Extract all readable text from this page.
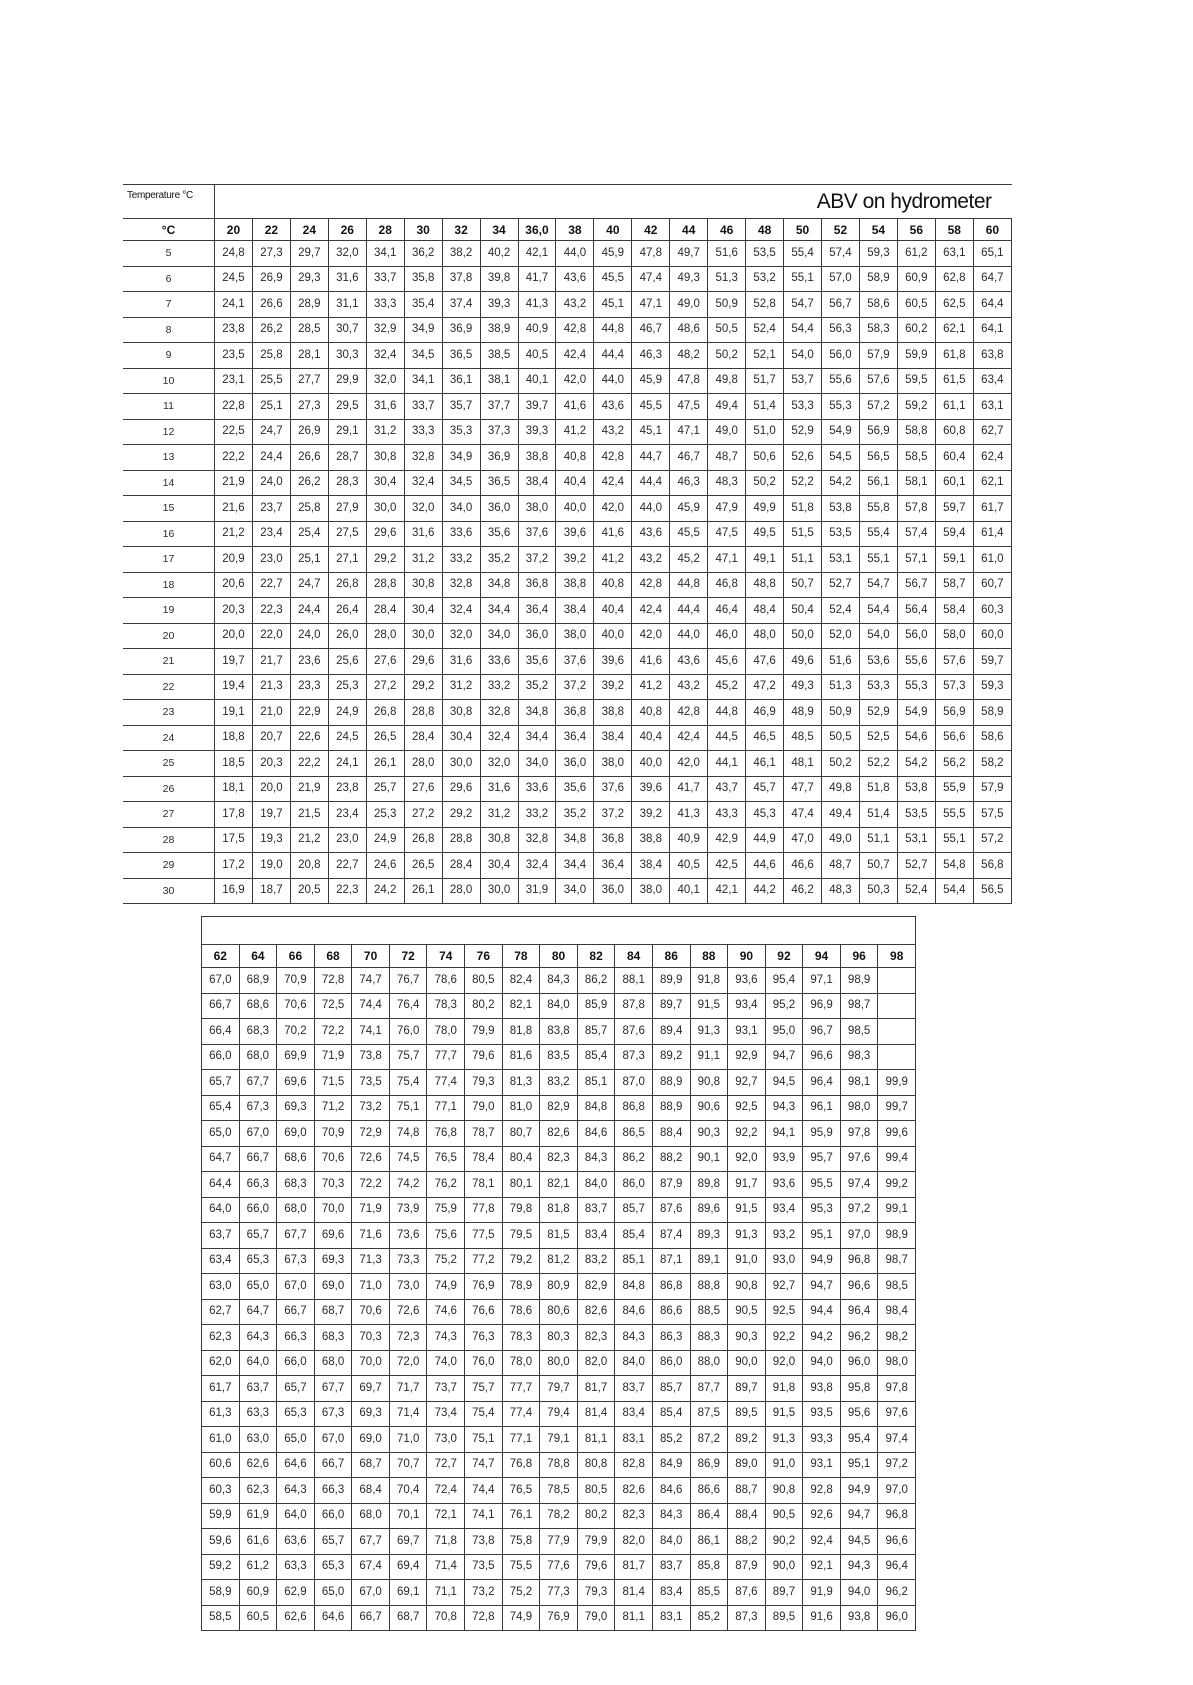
Temperature °C	ABV on hydrometer																				
°C	20	22	24	26	28	30	32	34	36,0	38	40	42	44	46	48	50	52	54	56	58	60
5	24,8	27,3	29,7	32,0	34,1	36,2	38,2	40,2	42,1	44,0	45,9	47,8	49,7	51,6	53,5	55,4	57,4	59,3	61,2	63,1	65,1
6	24,5	26,9	29,3	31,6	33,7	35,8	37,8	39,8	41,7	43,6	45,5	47,4	49,3	51,3	53,2	55,1	57,0	58,9	60,9	62,8	64,7
7	24,1	26,6	28,9	31,1	33,3	35,4	37,4	39,3	41,3	43,2	45,1	47,1	49,0	50,9	52,8	54,7	56,7	58,6	60,5	62,5	64,4
8	23,8	26,2	28,5	30,7	32,9	34,9	36,9	38,9	40,9	42,8	44,8	46,7	48,6	50,5	52,4	54,4	56,3	58,3	60,2	62,1	64,1
9	23,5	25,8	28,1	30,3	32,4	34,5	36,5	38,5	40,5	42,4	44,4	46,3	48,2	50,2	52,1	54,0	56,0	57,9	59,9	61,8	63,8
10	23,1	25,5	27,7	29,9	32,0	34,1	36,1	38,1	40,1	42,0	44,0	45,9	47,8	49,8	51,7	53,7	55,6	57,6	59,5	61,5	63,4
11	22,8	25,1	27,3	29,5	31,6	33,7	35,7	37,7	39,7	41,6	43,6	45,5	47,5	49,4	51,4	53,3	55,3	57,2	59,2	61,1	63,1
12	22,5	24,7	26,9	29,1	31,2	33,3	35,3	37,3	39,3	41,2	43,2	45,1	47,1	49,0	51,0	52,9	54,9	56,9	58,8	60,8	62,7
13	22,2	24,4	26,6	28,7	30,8	32,8	34,9	36,9	38,8	40,8	42,8	44,7	46,7	48,7	50,6	52,6	54,5	56,5	58,5	60,4	62,4
14	21,9	24,0	26,2	28,3	30,4	32,4	34,5	36,5	38,4	40,4	42,4	44,4	46,3	48,3	50,2	52,2	54,2	56,1	58,1	60,1	62,1
15	21,6	23,7	25,8	27,9	30,0	32,0	34,0	36,0	38,0	40,0	42,0	44,0	45,9	47,9	49,9	51,8	53,8	55,8	57,8	59,7	61,7
16	21,2	23,4	25,4	27,5	29,6	31,6	33,6	35,6	37,6	39,6	41,6	43,6	45,5	47,5	49,5	51,5	53,5	55,4	57,4	59,4	61,4
17	20,9	23,0	25,1	27,1	29,2	31,2	33,2	35,2	37,2	39,2	41,2	43,2	45,2	47,1	49,1	51,1	53,1	55,1	57,1	59,1	61,0
18	20,6	22,7	24,7	26,8	28,8	30,8	32,8	34,8	36,8	38,8	40,8	42,8	44,8	46,8	48,8	50,7	52,7	54,7	56,7	58,7	60,7
19	20,3	22,3	24,4	26,4	28,4	30,4	32,4	34,4	36,4	38,4	40,4	42,4	44,4	46,4	48,4	50,4	52,4	54,4	56,4	58,4	60,3
20	20,0	22,0	24,0	26,0	28,0	30,0	32,0	34,0	36,0	38,0	40,0	42,0	44,0	46,0	48,0	50,0	52,0	54,0	56,0	58,0	60,0
21	19,7	21,7	23,6	25,6	27,6	29,6	31,6	33,6	35,6	37,6	39,6	41,6	43,6	45,6	47,6	49,6	51,6	53,6	55,6	57,6	59,7
22	19,4	21,3	23,3	25,3	27,2	29,2	31,2	33,2	35,2	37,2	39,2	41,2	43,2	45,2	47,2	49,3	51,3	53,3	55,3	57,3	59,3
23	19,1	21,0	22,9	24,9	26,8	28,8	30,8	32,8	34,8	36,8	38,8	40,8	42,8	44,8	46,9	48,9	50,9	52,9	54,9	56,9	58,9
24	18,8	20,7	22,6	24,5	26,5	28,4	30,4	32,4	34,4	36,4	38,4	40,4	42,4	44,5	46,5	48,5	50,5	52,5	54,6	56,6	58,6
25	18,5	20,3	22,2	24,1	26,1	28,0	30,0	32,0	34,0	36,0	38,0	40,0	42,0	44,1	46,1	48,1	50,2	52,2	54,2	56,2	58,2
26	18,1	20,0	21,9	23,8	25,7	27,6	29,6	31,6	33,6	35,6	37,6	39,6	41,7	43,7	45,7	47,7	49,8	51,8	53,8	55,9	57,9
27	17,8	19,7	21,5	23,4	25,3	27,2	29,2	31,2	33,2	35,2	37,2	39,2	41,3	43,3	45,3	47,4	49,4	51,4	53,5	55,5	57,5
28	17,5	19,3	21,2	23,0	24,9	26,8	28,8	30,8	32,8	34,8	36,8	38,8	40,9	42,9	44,9	47,0	49,0	51,1	53,1	55,1	57,2
29	17,2	19,0	20,8	22,7	24,6	26,5	28,4	30,4	32,4	34,4	36,4	38,4	40,5	42,5	44,6	46,6	48,7	50,7	52,7	54,8	56,8
30	16,9	18,7	20,5	22,3	24,2	26,1	28,0	30,0	31,9	34,0	36,0	38,0	40,1	42,1	44,2	46,2	48,3	50,3	52,4	54,4	56,5

62	64	66	68	70	72	74	76	78	80	82	84	86	88	90	92	94	96	98
67,0	68,9	70,9	72,8	74,7	76,7	78,6	80,5	82,4	84,3	86,2	88,1	89,9	91,8	93,6	95,4	97,1	98,9	
66,7	68,6	70,6	72,5	74,4	76,4	78,3	80,2	82,1	84,0	85,9	87,8	89,7	91,5	93,4	95,2	96,9	98,7	
66,4	68,3	70,2	72,2	74,1	76,0	78,0	79,9	81,8	83,8	85,7	87,6	89,4	91,3	93,1	95,0	96,7	98,5	
66,0	68,0	69,9	71,9	73,8	75,7	77,7	79,6	81,6	83,5	85,4	87,3	89,2	91,1	92,9	94,7	96,6	98,3	
65,7	67,7	69,6	71,5	73,5	75,4	77,4	79,3	81,3	83,2	85,1	87,0	88,9	90,8	92,7	94,5	96,4	98,1	99,9
65,4	67,3	69,3	71,2	73,2	75,1	77,1	79,0	81,0	82,9	84,8	86,8	88,9	90,6	92,5	94,3	96,1	98,0	99,7
65,0	67,0	69,0	70,9	72,9	74,8	76,8	78,7	80,7	82,6	84,6	86,5	88,4	90,3	92,2	94,1	95,9	97,8	99,6
64,7	66,7	68,6	70,6	72,6	74,5	76,5	78,4	80,4	82,3	84,3	86,2	88,2	90,1	92,0	93,9	95,7	97,6	99,4
64,4	66,3	68,3	70,3	72,2	74,2	76,2	78,1	80,1	82,1	84,0	86,0	87,9	89,8	91,7	93,6	95,5	97,4	99,2
64,0	66,0	68,0	70,0	71,9	73,9	75,9	77,8	79,8	81,8	83,7	85,7	87,6	89,6	91,5	93,4	95,3	97,2	99,1
63,7	65,7	67,7	69,6	71,6	73,6	75,6	77,5	79,5	81,5	83,4	85,4	87,4	89,3	91,3	93,2	95,1	97,0	98,9
63,4	65,3	67,3	69,3	71,3	73,3	75,2	77,2	79,2	81,2	83,2	85,1	87,1	89,1	91,0	93,0	94,9	96,8	98,7
63,0	65,0	67,0	69,0	71,0	73,0	74,9	76,9	78,9	80,9	82,9	84,8	86,8	88,8	90,8	92,7	94,7	96,6	98,5
62,7	64,7	66,7	68,7	70,6	72,6	74,6	76,6	78,6	80,6	82,6	84,6	86,6	88,5	90,5	92,5	94,4	96,4	98,4
62,3	64,3	66,3	68,3	70,3	72,3	74,3	76,3	78,3	80,3	82,3	84,3	86,3	88,3	90,3	92,2	94,2	96,2	98,2
62,0	64,0	66,0	68,0	70,0	72,0	74,0	76,0	78,0	80,0	82,0	84,0	86,0	88,0	90,0	92,0	94,0	96,0	98,0
61,7	63,7	65,7	67,7	69,7	71,7	73,7	75,7	77,7	79,7	81,7	83,7	85,7	87,7	89,7	91,8	93,8	95,8	97,8
61,3	63,3	65,3	67,3	69,3	71,4	73,4	75,4	77,4	79,4	81,4	83,4	85,4	87,5	89,5	91,5	93,5	95,6	97,6
61,0	63,0	65,0	67,0	69,0	71,0	73,0	75,1	77,1	79,1	81,1	83,1	85,2	87,2	89,2	91,3	93,3	95,4	97,4
60,6	62,6	64,6	66,7	68,7	70,7	72,7	74,7	76,8	78,8	80,8	82,8	84,9	86,9	89,0	91,0	93,1	95,1	97,2
60,3	62,3	64,3	66,3	68,4	70,4	72,4	74,4	76,5	78,5	80,5	82,6	84,6	86,6	88,7	90,8	92,8	94,9	97,0
59,9	61,9	64,0	66,0	68,0	70,1	72,1	74,1	76,1	78,2	80,2	82,3	84,3	86,4	88,4	90,5	92,6	94,7	96,8
59,6	61,6	63,6	65,7	67,7	69,7	71,8	73,8	75,8	77,9	79,9	82,0	84,0	86,1	88,2	90,2	92,4	94,5	96,6
59,2	61,2	63,3	65,3	67,4	69,4	71,4	73,5	75,5	77,6	79,6	81,7	83,7	85,8	87,9	90,0	92,1	94,3	96,4
58,9	60,9	62,9	65,0	67,0	69,1	71,1	73,2	75,2	77,3	79,3	81,4	83,4	85,5	87,6	89,7	91,9	94,0	96,2
58,5	60,5	62,6	64,6	66,7	68,7	70,8	72,8	74,9	76,9	79,0	81,1	83,1	85,2	87,3	89,5	91,6	93,8	96,0
